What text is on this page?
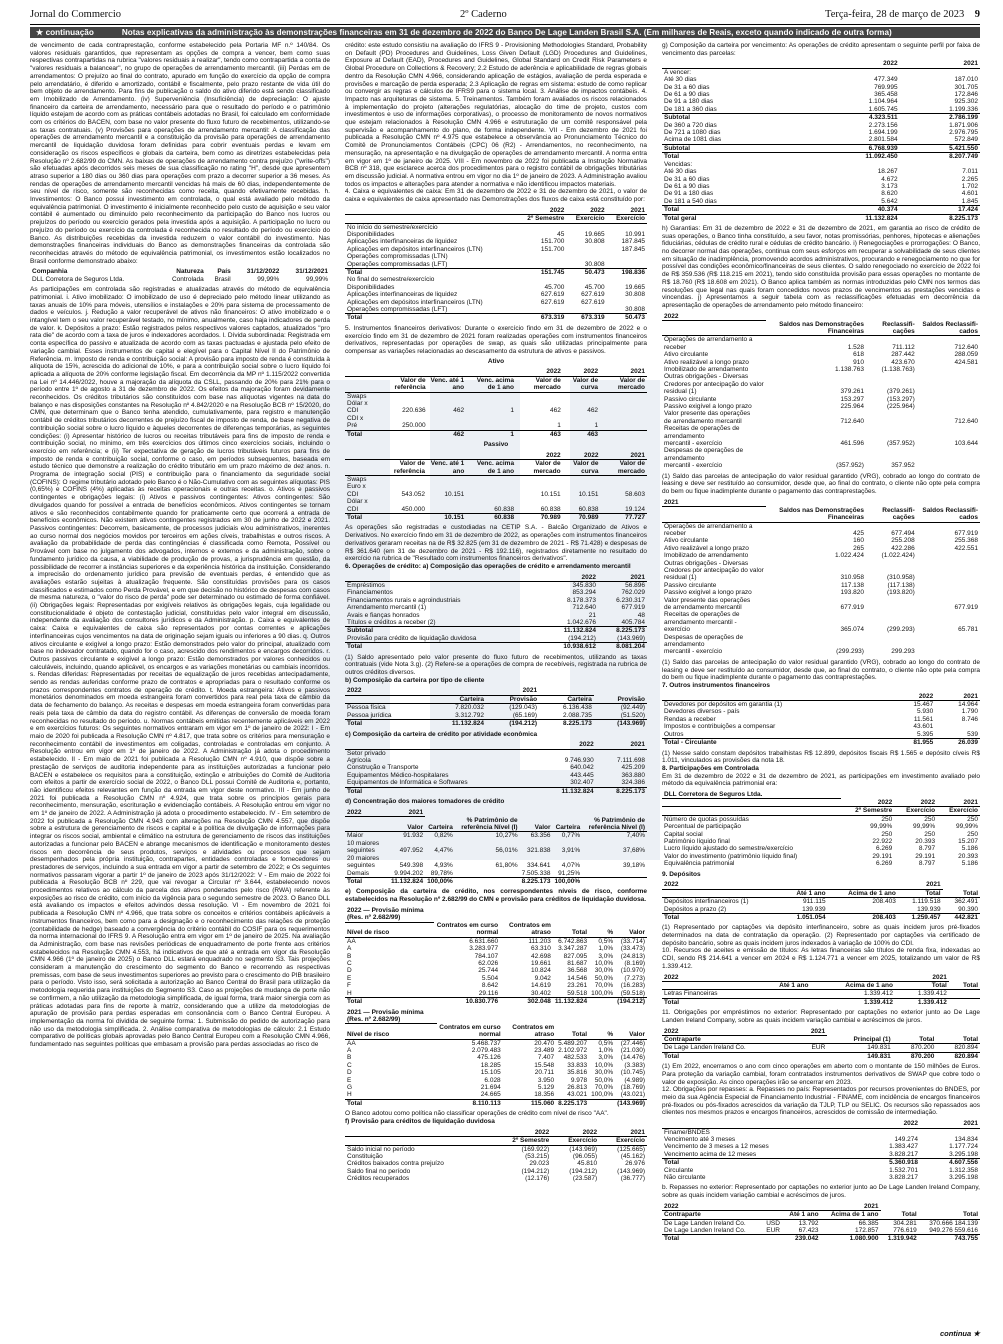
Jornal do Commercio	2º Caderno	Terça-feira, 28 de março de 2023 9
★ continuação	Notas explicativas da administração às demonstrações financeiras em 31 de dezembro de 2022 do Banco De Lage Landen Brasil S.A. (Em milhares de Reais, exceto quando indicado de outra forma)

de vencimento de cada contraprestação, conforme estabelecido pela Portaria MF n.º 140/84. Os valores residuais garantidos, que representam as opções de compra a vencer, bem como suas respectivas contrapartidas na rubrica "valores residuais a realizar", tendo como contrapartida a conta de "valores residuais a balancear", no grupo de operações de arrendamento mercantil. (iii) Perdas em de arrendamentos: O prejuízo ao final do contrato, apurado em função do exercício da opção de compra pelo arrendatário, é diferido e amortizado, contábil e fiscalmente, pelo prazo restante de vida útil do bem objeto de arrendamento. Para fins de publicação o saldo do ativo diferido está sendo classificado em Imobilizado de Arrendamento. (iv) Superveniência (Insuficiência) de depreciação: O ajuste financeiro da carteira de arrendamento, necessário para que o resultado do período e o patrimônio líquido estejam de acordo com as práticas contábeis adotadas no Brasil, foi calculado em conformidade com os critérios do BACEN, com base no valor presente do fluxo futuro de recebimentos, utilizando-se as taxas contratuais. (v) Provisões para operações de arrendamento mercantil: A classificação das operações de arrendamento mercantil e a constituição da provisão para operações de arrendamento mercantil de liquidação duvidosa foram definidas para cobrir eventuais perdas e levam em consideração os riscos específicos e globais da carteira, bem como as diretrizes estabelecidas pela Resolução nº 2.682/99 do CMN. As baixas de operações de arrendamento contra prejuízo ("write-offs") são efetuadas após decorridos seis meses de sua classificação no rating "H", desde que apresentem atraso superior a 180 dias ou 360 dias para operações com prazo a decorrer superior a 36 meses. As rendas de operações de arrendamento mercantil vencidas há mais de 60 dias, independentemente de seu nível de risco, somente são reconhecidas como receita, quando efetivamente recebidas. h. Investimentos: O Banco possui investimento em controlada, o qual está avaliado pelo método da equivalência patrimonial. O investimento é inicialmente reconhecido pelo custo de aquisição e seu valor contábil é aumentado ou diminuído pelo reconhecimento da participação do Banco nos lucros ou prejuízos do período ou exercício gerados pela investida após a aquisição. A participação no lucro ou prejuízo do período ou exercício da controlada é reconhecida no resultado do período ou exercício do Banco. As distribuições recebidas da investida reduzem o valor contábil do investimento. Nas demonstrações financeiras individuais do Banco as demonstrações financeiras da controlada são reconhecidas através do método de equivalência patrimonial, os investimentos estão localizados no Brasil conforme demonstrado abaixo:

Companhia	Natureza	País	31/12/2022	31/12/2021
DLL Corretora de Seguros Ltda.	Controlada	Brasil	99,99%	99,99%

As participações em controlada são registradas e atualizadas através do método de equivalência patrimonial. i. Ativo imobilizado: O imobilizado de uso é depreciado pelo método linear utilizando as taxas anuais de 10% para móveis, utensílios e instalações e 20% para sistema de processamento de dados e veículos. j. Redução a valor recuperável de ativos não financeiros: O ativo imobilizado e o intangível tem o seu valor recuperável testado, no mínimo, anualmente, caso haja indicadores de perda de valor. k. Depósitos a prazo: Estão registrados pelos respectivos valores captados, atualizados "pro rata die" de acordo com a taxa de juros e indexadores acordados. l. Dívida subordinada: Registrada em conta específica do passivo e atualizada de acordo com as taxas pactuadas e ajustada pelo efeito de variação cambial. Esses instrumentos de capital e elegível para o Capital Nível II do Patrimônio de Referência. m. Imposto de renda e contribuição social: A provisão para imposto de renda é constituída à alíquota de 15%, acrescida do adicional de 10%, e para a contribuição social sobre o lucro líquido foi aplicada a alíquota de 20% conforme legislação fiscal. Em decorrência da MP nº 1.115/2022 convertida na Lei nº 14.446/2022, houve a majoração da alíquota da CSLL, passando de 20% para 21% para o período entre 1º de agosto a 31 de dezembro de 2022. Os efeitos da majoração foram devidamente reconhecidos. Os créditos tributários são constituídos com base nas alíquotas vigentes na data do balanço e nas disposições constantes na Resolução nº 4.842/2020 e na Resolução BCB nº 15/2020, do CMN, que determinam que o Banco tenha atendido, cumulativamente, para registro e manutenção contábil de créditos tributários decorrentes de prejuízo fiscal de imposto de renda, de base negativa de contribuição social sobre o lucro líquido e àqueles decorrentes de diferenças temporárias, as seguintes condições: (i) Apresentar histórico de lucros ou receitas tributáveis para fins de imposto de renda e contribuição social, no mínimo, em três exercícios dos últimos cinco exercícios sociais, incluindo o exercício em referência; e (ii) Ter expectativa de geração de lucros tributáveis futuros para fins de imposto de renda e contribuição social, conforme o caso, em períodos subsequentes, baseada em estudo técnico que demonstre a realização do crédito tributário em um prazo máximo de dez anos. n. Programa de integração social (PIS) e contribuição para o financiamento da seguridade social (COFINS): O regime tributário adotado pelo Banco é o Não-Cumulativo com as seguintes alíquotas: PIS (0,65%) e COFINS (4%) aplicadas às receitas operacionais e outras receitas. o. Ativos e passivos contingentes e obrigações legais: (i) Ativos e passivos contingentes: Ativos contingentes: São divulgados quando for possível a entrada de benefícios econômicos. Ativos contingentes se tornam ativos e são reconhecidos contabilmente quando for praticamente certo que ocorrerá a entrada de benefícios econômicos. Não existem ativos contingentes registrados em 30 de junho de 2022 e 2021. Passivos contingentes: Decorrem, basicamente, de processos judiciais e/ou administrativos, inerentes ao curso normal dos negócios movidos por terceiros em ações cíveis, trabalhistas e outros riscos. A avaliação da probabilidade de perda das contingências é classificada como Remota, Possível ou Provável com base no julgamento dos advogados, internos e externos e da administração, sobre o fundamento jurídico da causa, a viabilidade de produção de provas, a jurisprudência em questão, da possibilidade de recorrer a instâncias superiores e da experiência histórica da instituição. Considerando a imprecisão do ordenamento jurídico para previsão de eventuais perdas, é entendido que as avaliações estarão sujeitas à atualização frequente. São constituídas provisões para os casos classificados e estimados como Perda Provável, e em que decisão no histórico de despesas com casos de mesma natureza, o "valor do risco de perda" pode ser determinado ou estimado de forma confiável. (ii) Obrigações legais: Representadas por exigíveis relativos às obrigações legais, cuja legalidade ou constitucionalidade é objeto de contestação judicial, constituídas pelo valor integral em discussão, independente da avaliação dos consultores jurídicos e da Administração. p. Caixa e equivalentes de caixa: Caixa e equivalentes de caixa são representados por contas correntes e aplicações interfinanceiras cujos vencimentos na data de originação sejam iguais ou inferiores a 90 dias. q. Outros ativos circulante e exigível a longo prazo: Estão demonstrados pelo valor do principal, atualizado com base no indexador contratado, quando for o caso, acrescido dos rendimentos e encargos decorridos. r. Outros passivos circulante e exigível a longo prazo: Estão demonstrados por valores conhecidos ou calculáveis, incluindo, quando aplicável, os encargos e as variações monetárias ou cambiais incorridos. s. Rendas diferidas: Representadas por receitas de equalização de juros recebidas antecipadamente, sendo as rendas auferidas conforme prazo de contratos e apropriadas para o resultado conforme os prazos correspondentes contratos de operação de crédito. t. Moeda estrangeira: Ativos e passivos monetários denominados em moeda estrangeira foram convertidos para real pela taxa de câmbio da data de fechamento do balanço. As receitas e despesas em moeda estrangeira foram convertidas para reais pela taxa de câmbio da data do registro contábil. As diferenças de conversão de moeda foram reconhecidas no resultado do período. u. Normas contábeis emitidas recentemente aplicáveis em 2022 e em exercícios futuros: Os seguintes normativos entraram em vigor em 1º de janeiro de 2022: I - Em maio de 2020 foi publicada a Resolução CMN nº 4.817, que trata sobre os critérios para mensuração e reconhecimento contábil de investimentos em coligadas, controladas e controladas em conjunto. A Resolução entrou em vigor em 1º de janeiro de 2022. A Administração já adota o procedimento estabelecido. II - Em maio de 2021 foi publicada a Resolução CMN nº 4.910, que dispõe sobre a prestação de serviços de auditoria independente para as instituições autorizadas a funcionar pelo BACEN e estabelece os requisitos para a constituição, extinção e atribuições do Comitê de Auditoria com efeitos a partir de exercício social de 2022, o Banco DLL possui Comitê de Auditoria e, portanto, não identificou efeitos relevantes em função da entrada em vigor deste normativo. III - Em junho de 2021 foi publicada a Resolução CMN nº 4.924, que trata sobre os princípios gerais para reconhecimento, mensuração, escrituração e evidenciação contábeis. A Resolução entrou em vigor no em 1º de janeiro de 2022. A Administração já adota o procedimento estabelecido. IV - Em setembro de 2022 foi publicada a Resolução CMN 4.943 com alterações na Resolução CMN 4.557, que dispõe sobre a estrutura de gerenciamento de riscos e capital e a política de divulgação de informações para integrar os riscos social, ambiental e climático na estrutura de gerenciamento de riscos das instituições autorizadas a funcionar pelo BACEN e abrange mecanismos de identificação e monitoramento destes riscos em decorrência de seus produtos, serviços e atividades ou processos que sejam desempenhados pela própria instituição, contrapartes, entidades controladas e fornecedores ou prestadores de serviços, incluindo a sua entrada em vigor a partir de setembro de 2022; e Os seguintes normativos passaram vigorar a partir 1º de janeiro de 2023 após 31/12/2022: V - Em maio de 2022 foi publicada a Resolução BCB nº 229, que vai revogar a Circular nº 3.644, estabelecendo novos procedimentos relativos ao cálculo da parcela dos ativos ponderados pelo risco (RWA) referente às exposições ao risco de crédito, com início da vigência para o segundo semestre de 2023. O Banco DLL está avaliando os impactos e efeitos advindos dessa resolução. VI - Em novembro de 2021 foi publicada a Resolução CMN nº 4.966, que trata sobre os conceitos e critérios contábeis aplicáveis a instrumentos financeiros, bem como para a designação e o reconhecimento das relações de proteção (contabilidade de hedge) baseado a convergência do critério contábil do COSIF para os requerimentos da norma internacional do IFRS 9. A Resolução entra em vigor em 1º de janeiro de 2025. Na avaliação da Administração, com base nas revisões periódicas de enquadramento de porte frente aos critérios estabelecidos na Resolução CMN 4.553, há indicativos de que até a entrada em vigor da Resolução CMN 4.966 (1º de janeiro de 2025) o Banco DLL estará enquadrado no segmento S3. Tais projeções consideram a manutenção do crescimento do segmento do Banco e recorrendo as respectivas premissas, com base de seus investimentos superiores ao previsto para o crescimento do PIB brasileiro para o período. Visto isso, será solicitada a autorização ao Banco Central do Brasil para utilização da metodologia requerida para instituições do Segmento S3. Caso as projeções de mudança de porte não se confirmem, a não utilização da metodologia simplificada, de igual forma, trará maior sinergia com as práticas adotadas para fins de reporte à matriz, considerando que a utilize da metodologias de apuração de provisão para perdas esperadas em consonância com o Banco Central Europeu. A implementação da norma foi dividida de seguinte forma: 1. Submissão do pedido de autorização para não uso da metodologia simplificada. 2. Análise comparativa de metodologias de cálculo: 2.1 Estudo comparativo de políticas globais aprovadas pelo Banco Central Europeu com a Resolução CMN 4.966, fundamentado nas seguintes políticas que embasam a provisão para perdas associadas ao risco de

crédito: este estudo consistiu na avaliação do IFRS 9 - Provisioning Methodologies Standard, Probability on Default (PD) Procedures and Guidelines, Loss Given Default (LGD) Procedures and Guidelines, Exposure at Default (EAD), Procedures and Guidelines, Global Standard on Credit Risk Parameters e Global Procedure on Collections & Recovery; 2.2 Estudo de aderência e aplicabilidade de regras globais dentro da Resolução CMN 4.966, considerando aplicação de estágios, avaliação de perda esperada e provisões e marcação de perda esperada; 2.3 Aplicação de regras em sistema: estudo de como replicar ou convergir as regras e cálculos de IFRS9 para o sistema local. 3. Análise de impactos contábeis. 4. Impacto nas arquiteturas de sistema. 5. Treinamentos. Também foram avaliados os riscos relacionados à implementação do projeto (alterações regulatórias, alocação do time de projeto, custos com investimentos e uso de informações corporativas), o processo de monitoramento de novos normativos que estejam relacionados à Resolução CMN 4.966 e estruturação de um comitê responsável pela supervisão e acompanhamento do plano, de forma independente. VII - Em dezembro de 2021 foi publicada a Resolução CMN nº 4.975 que estabelece a observância ao Pronunciamento Técnico do Comitê de Pronunciamentos Contábeis (CPC) 06 (R2) - Arrendamentos, no reconhecimento, na mensuração, na apresentação e na divulgação de operações de arrendamento mercantil. A norma entra em vigor em 1º de janeiro de 2025. VIII - Em novembro de 2022 foi publicada a Instrução Normativa BCB nº 318, que esclarece acerca dos procedimentos para o registro contábil de obrigações tributárias em discussão judicial. A normativa entrou em vigor no dia 1º de janeiro de 2023. A Administração avaliou todos os impactos e alterações para atender a normativa e não identificou impactos materiais.

4. Caixa e equivalentes de caixa: Em 31 de dezembro de 2022 e 31 de dezembro de 2021, o valor de caixa e equivalentes de caixa apresentado nas Demonstrações dos fluxos de caixa está constituído por:

	2022	2022	2021
	2º Semestre	Exercício	Exercício
No início do semestre/exercício			
Disponibilidades	45	19.665	10.991
Aplicações interfinanceiras de liquidez	151.700	30.808	187.845
Aplicações em depósitos interfinanceiros (LTN)	151.700		187.845
Operações compromissadas (LTN)			
Operações compromissadas (LFT)		30.808	
Total	151.745	50.473	198.836
No final do semestre/exercício			
Disponibilidades	45.700	45.700	19.665
Aplicações interfinanceiras de liquidez	627.619	627.619	30.808
Aplicações em depósitos interfinanceiros (LTN)	627.619	627.619	
Operações compromissadas (LFT)			30.808
Total	673.319	673.319	50.473

5. Instrumentos financeiros derivativos: Durante o exercício findo em 31 de dezembro de 2022 e o exercício findo em 31 de dezembro de 2021 foram realizadas operações com instrumentos financeiros derivativos, representadas por operações de swap, as quais são utilizadas principalmente para compensar as variações relacionadas ao descasamento da estrutura de ativos e passivos.

Ativo
				2022	2022	2021
	Valor de referência	Venc. até 1 ano	Venc. acima de 1 ano	Valor de mercado	Valor de curva	Valor de mercado
Swaps						
Dólar x CDI	220.636	462	1	462	462	
CDI x Pré	250.000			1	1	
Total		462	1	463	463	
Passivo
				2022	2022	2021
	Valor de referência	Venc. até 1 ano	Venc. acima de 1 ano	Valor de mercado	Valor de curva	Valor de mercado
Swaps						
Euro x CDI	543.052	10.151		10.151	10.151	58.603
Dólar x CDI	450.000		60.838	60.838	60.838	19.124
Total		10.151	60.838	70.989	70.989	77.727

As operações são registradas e custodiadas na CETIP S.A. - Balcão Organizado de Ativos e Derivativos. No exercício findo em 31 de dezembro de 2022, as operações com instrumentos financeiros derivativos geraram receitas na de R$ 32.825 (em 31 de dezembro de 2021 - R$ 71.428) e despesas de R$ 361.640 (em 31 de dezembro de 2021 - R$ 192.116), registrados diretamente no resultado do exercício na rubrica de "Resultado com instrumentos financeiros derivativos".

6. Operações de crédito: a) Composição das operações de crédito e arrendamento mercantil

	2022	2021
Empréstimos	345.830	56.896
Financiamentos	853.294	762.029
Financiamentos rurais e agroindustriais	8.178.373	6.230.317
Arrendamento mercantil (1)	712.640	677.919
Avais e fianças honrados	21	48
Títulos e créditos a receber (2)	1.042.676	405.784
Subtotal	11.132.824	8.225.173
Provisão para crédito de liquidação duvidosa	(194.212)	(143.969)
Total	10.938.612	8.081.204

(1) Saldo apresentado pelo valor presente do fluxo futuro de recebimentos, utilizando as taxas contratuais (vide Nota 3.g). (2) Refere-se a operações de compra de recebíveis, registrada na rubrica de outros créditos diversos.

b) Composição da carteira por tipo de cliente

2022		2021		
	Carteira	Provisão	Carteira	Provisão
Pessoa física	7.820.032	(129.043)	6.136.438	(92.449)
Pessoa jurídica	3.312.792	(65.169)	2.088.735	(51.520)
Total	11.132.824	(194.212)	8.225.173	(143.969)

c) Composição da carteira de crédito por atividade econômica

	2022	2021
Setor privado		
Agrícola	9.746.930	7.111.698
Construção e Transporte	640.042	425.209
Equipamentos Médico-hospitalares	443.445	363.880
Equipamentos de Informática e Softwares	302.407	324.386
Total	11.132.824	8.225.173

d) Concentração dos maiores tomadores de crédito

2022	2021					
	Valor	Carteira	% Patrimônio de referência Nível (I)	Valor	Carteira	% Patrimônio de referência Nível (I)
Maior	91.932	0,82%	10,27%	63.356	0,77%	7,40%
10 maiores seguintes	497.952	4,47%	56,01%	321.838	3,91%	37,68%
20 maiores seguintes	549.398	4,93%	61,80%	334.641	4,07%	39,18%
Demais	9.994.202	89,78%		7.505.338	91,25%	
Total	11.132.824	100,00%		8.225.173	100,00%	

e) Composição da carteira de crédito, nos correspondentes níveis de risco, conforme estabelecidos na Resolução nº 2.682/99 do CMN e provisão para créditos de liquidação duvidosa.

2022 — Provisão mínima (Res. nº 2.682/99)					
Nível de risco	Contratos em curso normal	Contratos em atraso	Total	%	Valor
AA	6.631.660	111.203	6.742.863	0,5%	(33.714)
A	3.283.977	63.310	3.347.287	1,0%	(33.473)
B	784.107	42.698	827.095	3,0%	(24.813)
C	62.026	19.661	81.687	10,0%	(8.169)
D	25.744	10.824	36.568	30,0%	(10.970)
E	5.504	9.042	14.546	50,0%	(7.273)
F	8.642	14.619	23.261	70,0%	(16.283)
H	29.116	30.402	59.518	100,0%	(59.518)
Total	10.830.776	302.048	11.132.824		(194.212)
2021 — Provisão mínima (Res. nº 2.682/99)					
Nível de risco	Contratos em curso normal	Contratos em atraso	Total	%	Valor
AA	5.468.737	20.470	5.489.207	0,5%	(27.446)
A	2.079.483	23.489	2.102.972	1,0%	(21.030)
B	475.126	7.407	482.533	3,0%	(14.476)
C	18.285	15.548	33.833	10,0%	(3.383)
D	15.105	20.711	35.816	30,0%	(10.745)
E	6.028	3.950	9.978	50,0%	(4.989)
G	21.694	5.129	26.813	70,0%	(18.769)
H	24.665	18.356	43.021	100,0%	(43.021)
Total	8.110.113	115.060	8.225.173		(143.969)

O Banco adotou como política não classificar operações de crédito com nível de risco "AA".

f) Provisão para créditos de liquidação duvidosa

	2022	2022	2021
	2º Semestre	Exercício	Exercício
Saldo inicial no período	(169.922)	(143.969)	(125.665)
Constituição	(53.215)	(96.055)	(45.162)
Créditos baixados contra prejuízo	29.023	45.810	26.976
Saldo final no período	(194.212)	(194.212)	(143.969)
Créditos recuperados	(12.176)	(23.587)	(36.777)

g) Composição da carteira por vencimento: As operações de crédito apresentam o seguinte perfil por faixa de vencimento das parcelas:

	2022	2021
A vencer:		
Até 30 dias	477.349	187.010
De 31 a 60 dias	769.995	301.705
De 61 a 90 dias	365.458	172.846
De 91 a 180 dias	1.104.964	925.302
De 181 a 360 dias	1.605.745	1.199.336
Subtotal	4.323.511	2.786.199
De 360 a 720 dias	2.273.156	1.871.906
De 721 a 1080 dias	1.694.199	2.976.795
Acima de 1081 dias	2.801.584	572.849
Subtotal	6.768.939	5.421.550
Total	11.092.450	8.207.749
Vencidas:		
Até 30 dias	18.267	7.011
De 31 a 60 dias	4.672	2.265
De 61 a 90 dias	3.173	1.702
De 91 a 180 dias	8.620	4.601
De 181 a 540 dias	5.642	1.845
Total	40.374	17.424
Total geral	11.132.824	8.225.173

h) Garantias: Em 31 de dezembro de 2022 e 31 de dezembro de 2021, em garantia ao risco de crédito de suas operações, o Banco tinha constituído, a seu favor, notas promissórias, penhores, hipotecas e alienações fiduciárias, cédulas de crédito rural e cédulas de crédito bancário. i) Renegociações e prorrogações: O Banco, no decorrer normal das operações, continua com seus esforços em recuperar a solvabilidade de seus clientes em situação de inadimplência, promovendo acordos administrativos, procurando e renegociamento no que for possível das condições econômico/financeiras de seus clientes. O saldo renegociado no exercício de 2022 foi de R$ 359.536 (R$ 118.215 em 2021), tendo sido constituída provisão para essas operações no montante de R$ 18.760 (R$ 18.608 em 2021). O Banco aplica também as normas introduzidas pelo CMN nos termos das resoluções que legal nas quais foram concedidos novos prazos de vencimentos as prestações vencidas e vincendas. j) Apresentamos a seguir tabela com as reclassificações efetuadas em decorrência da apresentação de operações de arrendamento pelo método financeiro:

2022			
	Saldos nas Demonstrações Financeiras	Reclassifi-cações	Saldos Reclassifi-cados
Operações de arrendamento a receber	1.528	711.112	712.640
Ativo circulante	618	287.442	288.059
Ativo realizável a longo prazo	910	423.670	424.581
Imobilizado de arrendamento	1.138.763	(1.138.763)	
Outras obrigações - Diversas			
Credores por antecipação do valor residual (1)	379.261	(379.261)	
Passivo circulante	153.297	(153.297)	
Passivo exigível a longo prazo	225.964	(225.964)	
Valor presente das operações			
de arrendamento mercantil	712.640		712.640
Receitas de operações de arrendamento			
mercantil - exercício	461.596	(357.952)	103.644
Despesas de operações de arrendamento			
mercantil - exercício	(357.952)	357.952	

(1) Saldo das parcelas de antecipação do valor residual garantido (VRG), cobrado ao longo do contrato de leasing e deve ser restituído ao consumidor, desde que, ao final do contrato, o cliente não opte pela compra do bem ou fique inadimplente durante o pagamento das contraprestações.

2021			
	Saldos nas Demonstrações Financeiras	Reclassifi-cações	Saldos Reclassifi-cados
Operações de arrendamento a receber	425	677.494	677.919
Ativo circulante	160	255.208	255.368
Ativo realizável a longo prazo	265	422.286	422.551
Imobilizado de arrendamento	1.022.424	(1.022.424)	
Outras obrigações - Diversas			
Credores por antecipação do valor residual (1)	310.958	(310.958)	
Passivo circulante	117.138	(117.138)	
Passivo exigível a longo prazo	193.820	(193.820)	
Valor presente das operações			
de arrendamento mercantil	677.919		677.919
Receitas de operações de			
arrendamento mercantil - exercício	365.074	(299.293)	65.781
Despesas de operações de arrendamento			
mercantil - exercício	(299.293)	299.293	

(1) Saldo das parcelas de antecipação do valor residual garantido (VRG), cobrado ao longo do contrato de leasing e deve ser restituído ao consumidor, desde que, ao final do contrato, o cliente não opte pela compra do bem ou fique inadimplente durante o pagamento das contraprestações.

7. Outros instrumentos financeiros

	2022	2021
Devedores por depósitos em garantia (1)	15.467	14.964
Devedores diversos - país	5.930	1.790
Rendas a receber	11.561	8.746
Impostos e contribuições a compensar	43.601	
Outros	5.395	539
Total - Circulante	81.955	26.039

(1) Nesse saldo constam depósitos trabalhistas R$ 12.899, depósitos fiscais R$ 1.565 e depósito cíveis R$ 1.011, vinculados as provisões da nota 18.

8. Participações em Controlada

Em 31 de dezembro de 2022 e 31 de dezembro de 2021, as participações em investimento avaliado pelo método da equivalência patrimonial era:

DLL Corretora de Seguros Ltda.			
	2022	2022	2021
	2º Semestre	Exercício	Exercício
Número de quotas possuídas	250	250	250
Percentual de participação	99,99%	99,99%	99,99%
Capital social	250	250	250
Patrimônio líquido final	22.922	20.393	15.207
Lucro líquido ajustado do semestre/exercício	6.269	8.797	5.186
Valor do investimento (patrimônio líquido final)	29.191	29.191	20.393
Equivalência patrimonial	6.269	8.797	5.186

9. Depósitos

2022			2021	
	Até 1 ano	Acima de 1 ano	Total	Total
Depósitos interfinanceiros (1)	911.115	208.403	1.119.518	362.491
Depósitos a prazo (2)	139.939		139.939	90.390
Total	1.051.054	208.403	1.259.457	442.821

(1) Representado por captações via depósito interfinanceiro, sobre as quais incidem juros pré-fixados determinados na data de contratação da operação. (2) Representado por captações via certificado de depósito bancário, sobre as quais incidem juros indexados à variação de 100% do CDI.

10. Recursos de aceites e emissão de títulos: As letras financeiras são títulos de renda fixa, indexadas ao CDI, sendo R$ 214.641 a vencer em 2024 e R$ 1.124.771 a vencer em 2025, totalizando um valor de R$ 1.339.412.

2022			2021	
	Até 1 ano	Acima de 1 ano	Total	Total
Letras Financeiras		1.339.412	1.339.412	
Total		1.339.412	1.339.412	

11. Obrigações por empréstimos no exterior: Representado por captações no exterior junto ao De Lage Landen Ireland Company, sobre as quais incidem variação cambial e acréscimos de juros.

2022	2021			
Contraparte		Principal (1)	Total	Total
De Lage Landen Ireland Co.	EUR	149.831	870.200	820.894
Total		149.831	870.200	820.894

(1) Em 2022, encerramos o ano com cinco operações em aberto com o montante de 150 milhões de Euros. Para proteção da variação cambial, foram contratados instrumentos derivativos de SWAP que cobre todo o valor de exposição. As cinco operações irão se encerrar em 2023.

12. Obrigações por repasses: a. Repasses no país: Representados por recursos provenientes do BNDES, por meio da sua Agência Especial de Financiamento Industrial - FINAME, com incidência de encargos financeiros pré-fixados ou pós-fixados acrescidos da variação da TJLP, TLP ou SELIC. Os recursos são repassados aos clientes nos mesmos prazos e encargos financeiros, acrescidos de comissão de intermediação.

	2022	2021
Finame/BNDES		
Vencimento até 3 meses	149.274	134.834
Vencimento de 3 meses a 12 meses	1.383.427	1.177.724
Vencimento acima de 12 meses	3.828.217	3.295.198
Total	5.360.918	4.607.556
Circulante	1.532.701	1.312.358
Não circulante	3.828.217	3.295.198

b. Repasses no exterior: Representado por captações no exterior junto ao De Lage Landen Ireland Company, sobre as quais incidem variação cambial e acréscimos de juros.

2022			2021		
Contraparte		Até 1 ano	Acima de 1 ano	Total	Total
De Lage Landen Ireland Co.	USD	13.792	66.385	304.281	370.666 184.139
De Lage Landen Ireland Co.	EUR	67.423	172.857	776.619	949.276 559.616
Total		239.042	1.080.900	1.319.942	743.755
continua ★
